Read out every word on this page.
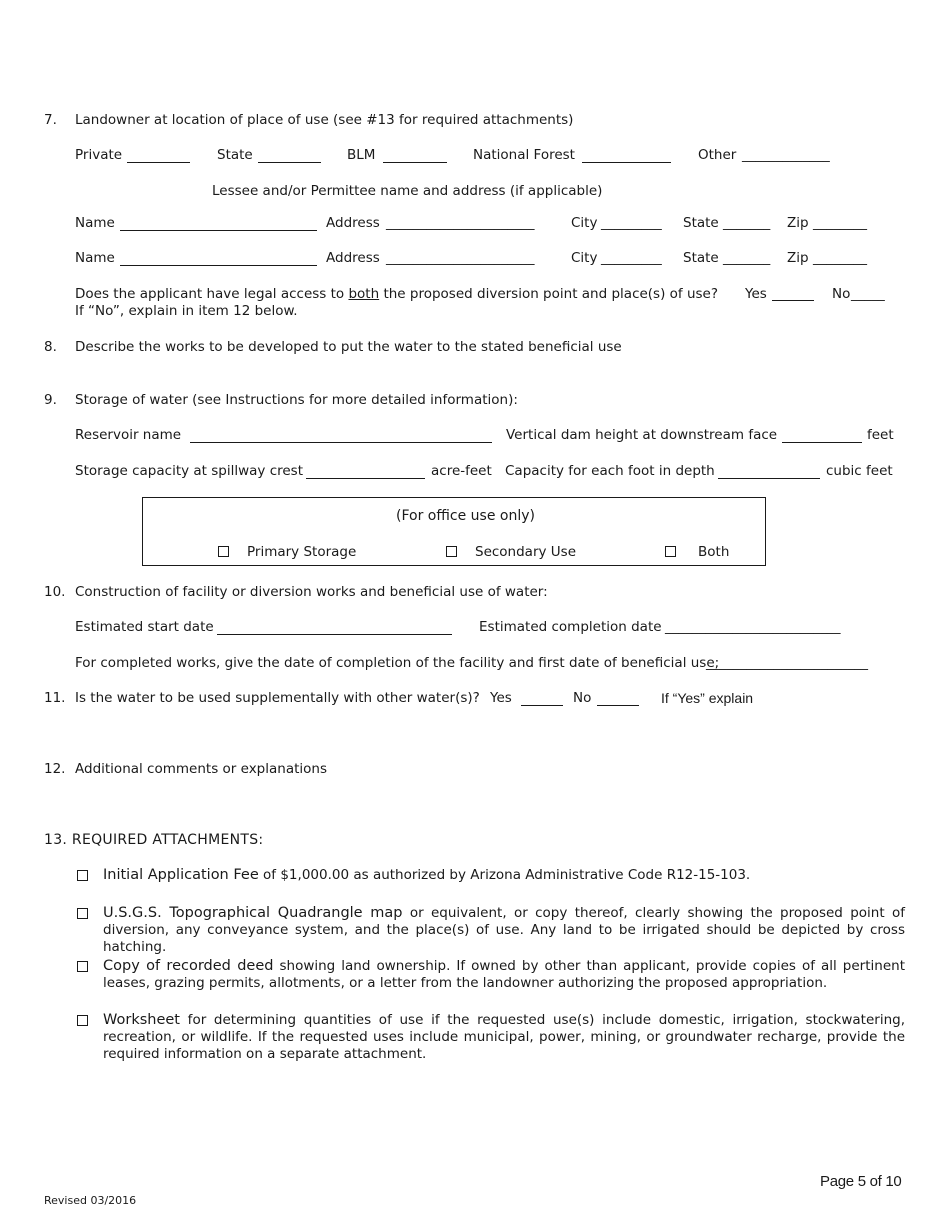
7. Landowner at location of place of use (see #13 for required attachments)
Private	State	BLM	National Forest	Other _____________
Lessee and/or Permittee name and address (if applicable)
Name	Address ______________________	City _________ State _______ Zip ________
Name	Address ______________________	City _________ State _______ Zip ________
Does the applicant have legal access to both the proposed diversion point and place(s) of use? Yes	No _____
If “No”, explain in item 12 below.
8. Describe the works to be developed to put the water to the stated beneficial use
9. Storage of water (see Instructions for more detailed information):
Reservoir name	Vertical dam height at downstream face	feet
Storage capacity at spillway crest	acre-feet Capacity for each foot in depth	cubic feet
(For office use only)
Primary Storage	Secondary Use	Both
10. Construction of facility or diversion works and beneficial use of water:
Estimated start date	Estimated completion date __________________________
For completed works, give the date of completion of the facility and first date of beneficial use;
________________________
11. Is the water to be used supplementally with other water(s)? Yes	No	If “Yes” explain
12. Additional comments or explanations
13. REQUIRED ATTACHMENTS:
Initial Application Fee of $1,000.00 as authorized by Arizona Administrative Code R12-15-103.
U.S.G.S. Topographical Quadrangle map or equivalent, or copy thereof, clearly showing the proposed point of diversion, any conveyance system, and the place(s) of use. Any land to be irrigated should be depicted by cross hatching.
Copy of recorded deed showing land ownership. If owned by other than applicant, provide copies of all pertinent leases, grazing permits, allotments, or a letter from the landowner authorizing the proposed appropriation.
Worksheet for determining quantities of use if the requested use(s) include domestic, irrigation, stockwatering, recreation, or wildlife. If the requested uses include municipal, power, mining, or groundwater recharge, provide the required information on a separate attachment.
Page 5 of 10
Revised 03/2016
